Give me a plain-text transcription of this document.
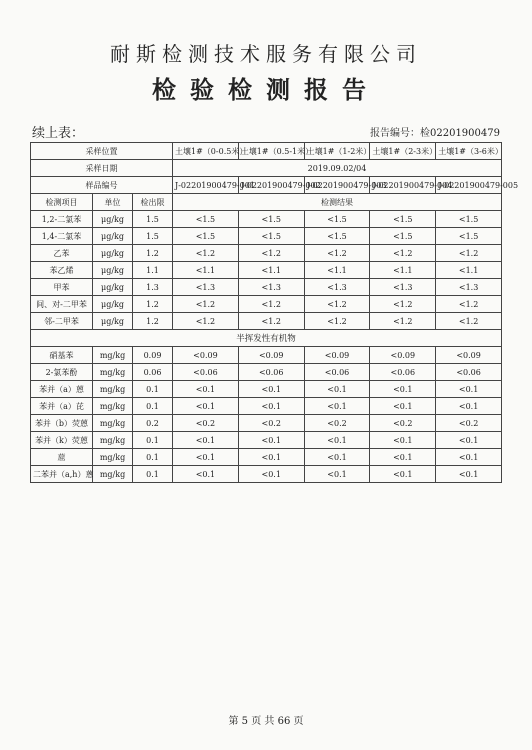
耐斯检测技术服务有限公司
检验检测报告
续上表：	报告编号：检02201900479
采样位置			土壤1#（0-0.5米）	土壤1#（0.5-1米）	土壤1#（1-2米）	土壤1#（2-3米）	土壤1#（3-6米）
采样日期			2019.09.02/04				
样品编号			J-02201900479-001	J-02201900479-002	J-02201900479-003	J-02201900479-004	J-02201900479-005
检测项目	单位	检出限	检测结果				
1,2-二氯苯	μg/kg	1.5	<1.5	<1.5	<1.5	<1.5	<1.5
1,4-二氯苯	μg/kg	1.5	<1.5	<1.5	<1.5	<1.5	<1.5
乙苯	μg/kg	1.2	<1.2	<1.2	<1.2	<1.2	<1.2
苯乙烯	μg/kg	1.1	<1.1	<1.1	<1.1	<1.1	<1.1
甲苯	μg/kg	1.3	<1.3	<1.3	<1.3	<1.3	<1.3
间、对-二甲苯	μg/kg	1.2	<1.2	<1.2	<1.2	<1.2	<1.2
邻-二甲苯	μg/kg	1.2	<1.2	<1.2	<1.2	<1.2	<1.2
半挥发性有机物							
硝基苯	mg/kg	0.09	<0.09	<0.09	<0.09	<0.09	<0.09
2-氯苯酚	mg/kg	0.06	<0.06	<0.06	<0.06	<0.06	<0.06
苯并（a）蒽	mg/kg	0.1	<0.1	<0.1	<0.1	<0.1	<0.1
苯并（a）芘	mg/kg	0.1	<0.1	<0.1	<0.1	<0.1	<0.1
苯并（b）荧蒽	mg/kg	0.2	<0.2	<0.2	<0.2	<0.2	<0.2
苯并（k）荧蒽	mg/kg	0.1	<0.1	<0.1	<0.1	<0.1	<0.1
䓛	mg/kg	0.1	<0.1	<0.1	<0.1	<0.1	<0.1
二苯并（a,h）蒽	mg/kg	0.1	<0.1	<0.1	<0.1	<0.1	<0.1
第 5 页 共 66 页
